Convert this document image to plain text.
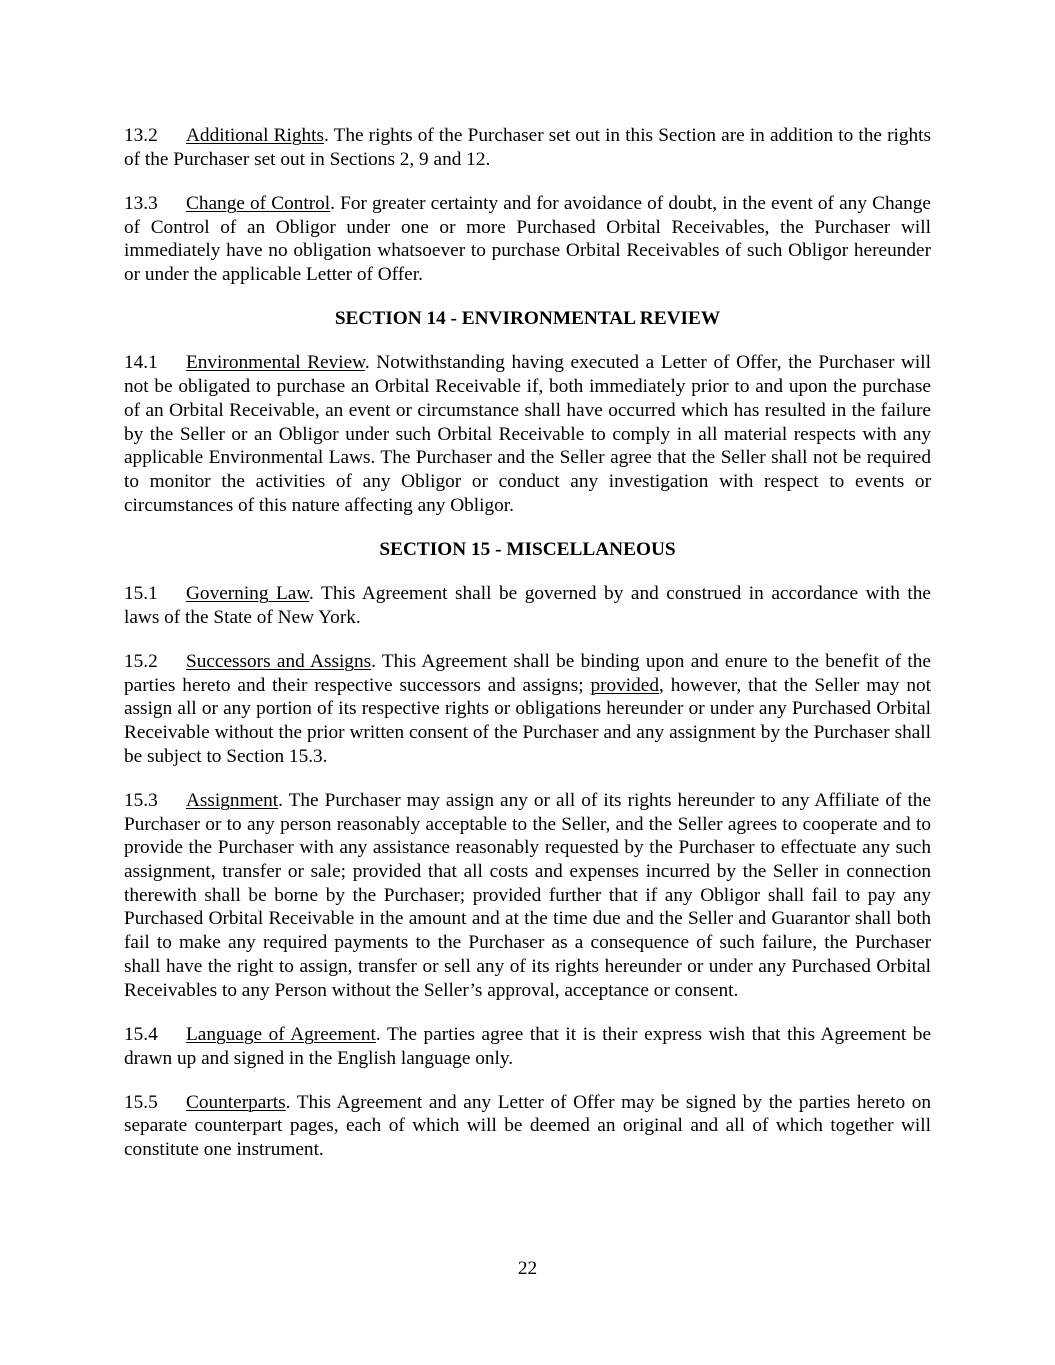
13.2 Additional Rights. The rights of the Purchaser set out in this Section are in addition to the rights of the Purchaser set out in Sections 2, 9 and 12.

13.3 Change of Control. For greater certainty and for avoidance of doubt, in the event of any Change of Control of an Obligor under one or more Purchased Orbital Receivables, the Purchaser will immediately have no obligation whatsoever to purchase Orbital Receivables of such Obligor hereunder or under the applicable Letter of Offer.

SECTION 14 - ENVIRONMENTAL REVIEW

14.1 Environmental Review. Notwithstanding having executed a Letter of Offer, the Purchaser will not be obligated to purchase an Orbital Receivable if, both immediately prior to and upon the purchase of an Orbital Receivable, an event or circumstance shall have occurred which has resulted in the failure by the Seller or an Obligor under such Orbital Receivable to comply in all material respects with any applicable Environmental Laws. The Purchaser and the Seller agree that the Seller shall not be required to monitor the activities of any Obligor or conduct any investigation with respect to events or circumstances of this nature affecting any Obligor.

SECTION 15 - MISCELLANEOUS

15.1 Governing Law. This Agreement shall be governed by and construed in accordance with the laws of the State of New York.

15.2 Successors and Assigns. This Agreement shall be binding upon and enure to the benefit of the parties hereto and their respective successors and assigns; provided, however, that the Seller may not assign all or any portion of its respective rights or obligations hereunder or under any Purchased Orbital Receivable without the prior written consent of the Purchaser and any assignment by the Purchaser shall be subject to Section 15.3.

15.3 Assignment. The Purchaser may assign any or all of its rights hereunder to any Affiliate of the Purchaser or to any person reasonably acceptable to the Seller, and the Seller agrees to cooperate and to provide the Purchaser with any assistance reasonably requested by the Purchaser to effectuate any such assignment, transfer or sale; provided that all costs and expenses incurred by the Seller in connection therewith shall be borne by the Purchaser; provided further that if any Obligor shall fail to pay any Purchased Orbital Receivable in the amount and at the time due and the Seller and Guarantor shall both fail to make any required payments to the Purchaser as a consequence of such failure, the Purchaser shall have the right to assign, transfer or sell any of its rights hereunder or under any Purchased Orbital Receivables to any Person without the Seller’s approval, acceptance or consent.

15.4 Language of Agreement. The parties agree that it is their express wish that this Agreement be drawn up and signed in the English language only.

15.5 Counterparts. This Agreement and any Letter of Offer may be signed by the parties hereto on separate counterpart pages, each of which will be deemed an original and all of which together will constitute one instrument.

22
